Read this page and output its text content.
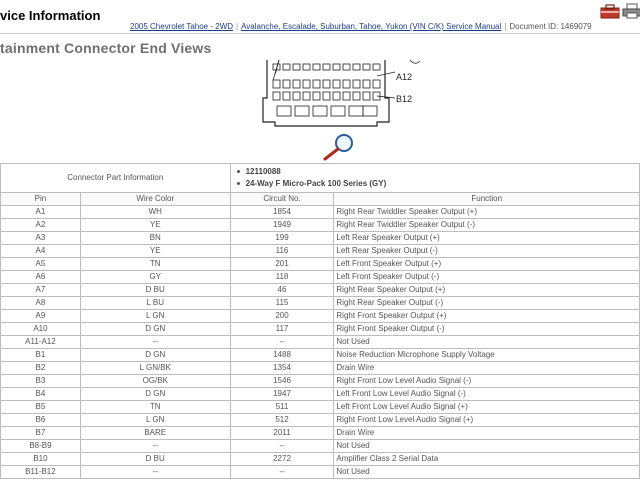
vice Information
2005 Chevrolet Tahoe - 2WD | Avalanche, Escalade, Suburban, Tahoe, Yukon (VIN C/K) Service Manual | Document ID: 1469079
tainment Connector End Views
A12
B12
Connector Part Information		12110088
24-Way F Micro-Pack 100 Series (GY)	

Pin	Wire Color	Circuit No.	Function
A1	WH	1854	Right Rear Twiddler Speaker Output (+)
A2	YE	1949	Right Rear Twiddler Speaker Output (-)
A3	BN	199	Left Rear Speaker Output (+)
A4	YE	116	Left Rear Speaker Output (-)
A5	TN	201	Left Front Speaker Output (+)
A6	GY	118	Left Front Speaker Output (-)
A7	D BU	46	Right Rear Speaker Output (+)
A8	L BU	115	Right Rear Speaker Output (-)
A9	L GN	200	Right Front Speaker Output (+)
A10	D GN	117	Right Front Speaker Output (-)
A11-A12	--	--	Not Used
B1	D GN	1488	Noise Reduction Microphone Supply Voltage
B2	L GN/BK	1354	Drain Wire
B3	OG/BK	1546	Right Front Low Level Audio Signal (-)
B4	D GN	1947	Left Front Low Level Audio Signal (-)
B5	TN	511	Left Front Low Level Audio Signal (+)
B6	L GN	512	Right Front Low Level Audio Signal (+)
B7	BARE	2011	Drain Wire
B8-B9	--	--	Not Used
B10	D BU	2272	Amplifier Class 2 Serial Data
B11-B12	--	--	Not Used
